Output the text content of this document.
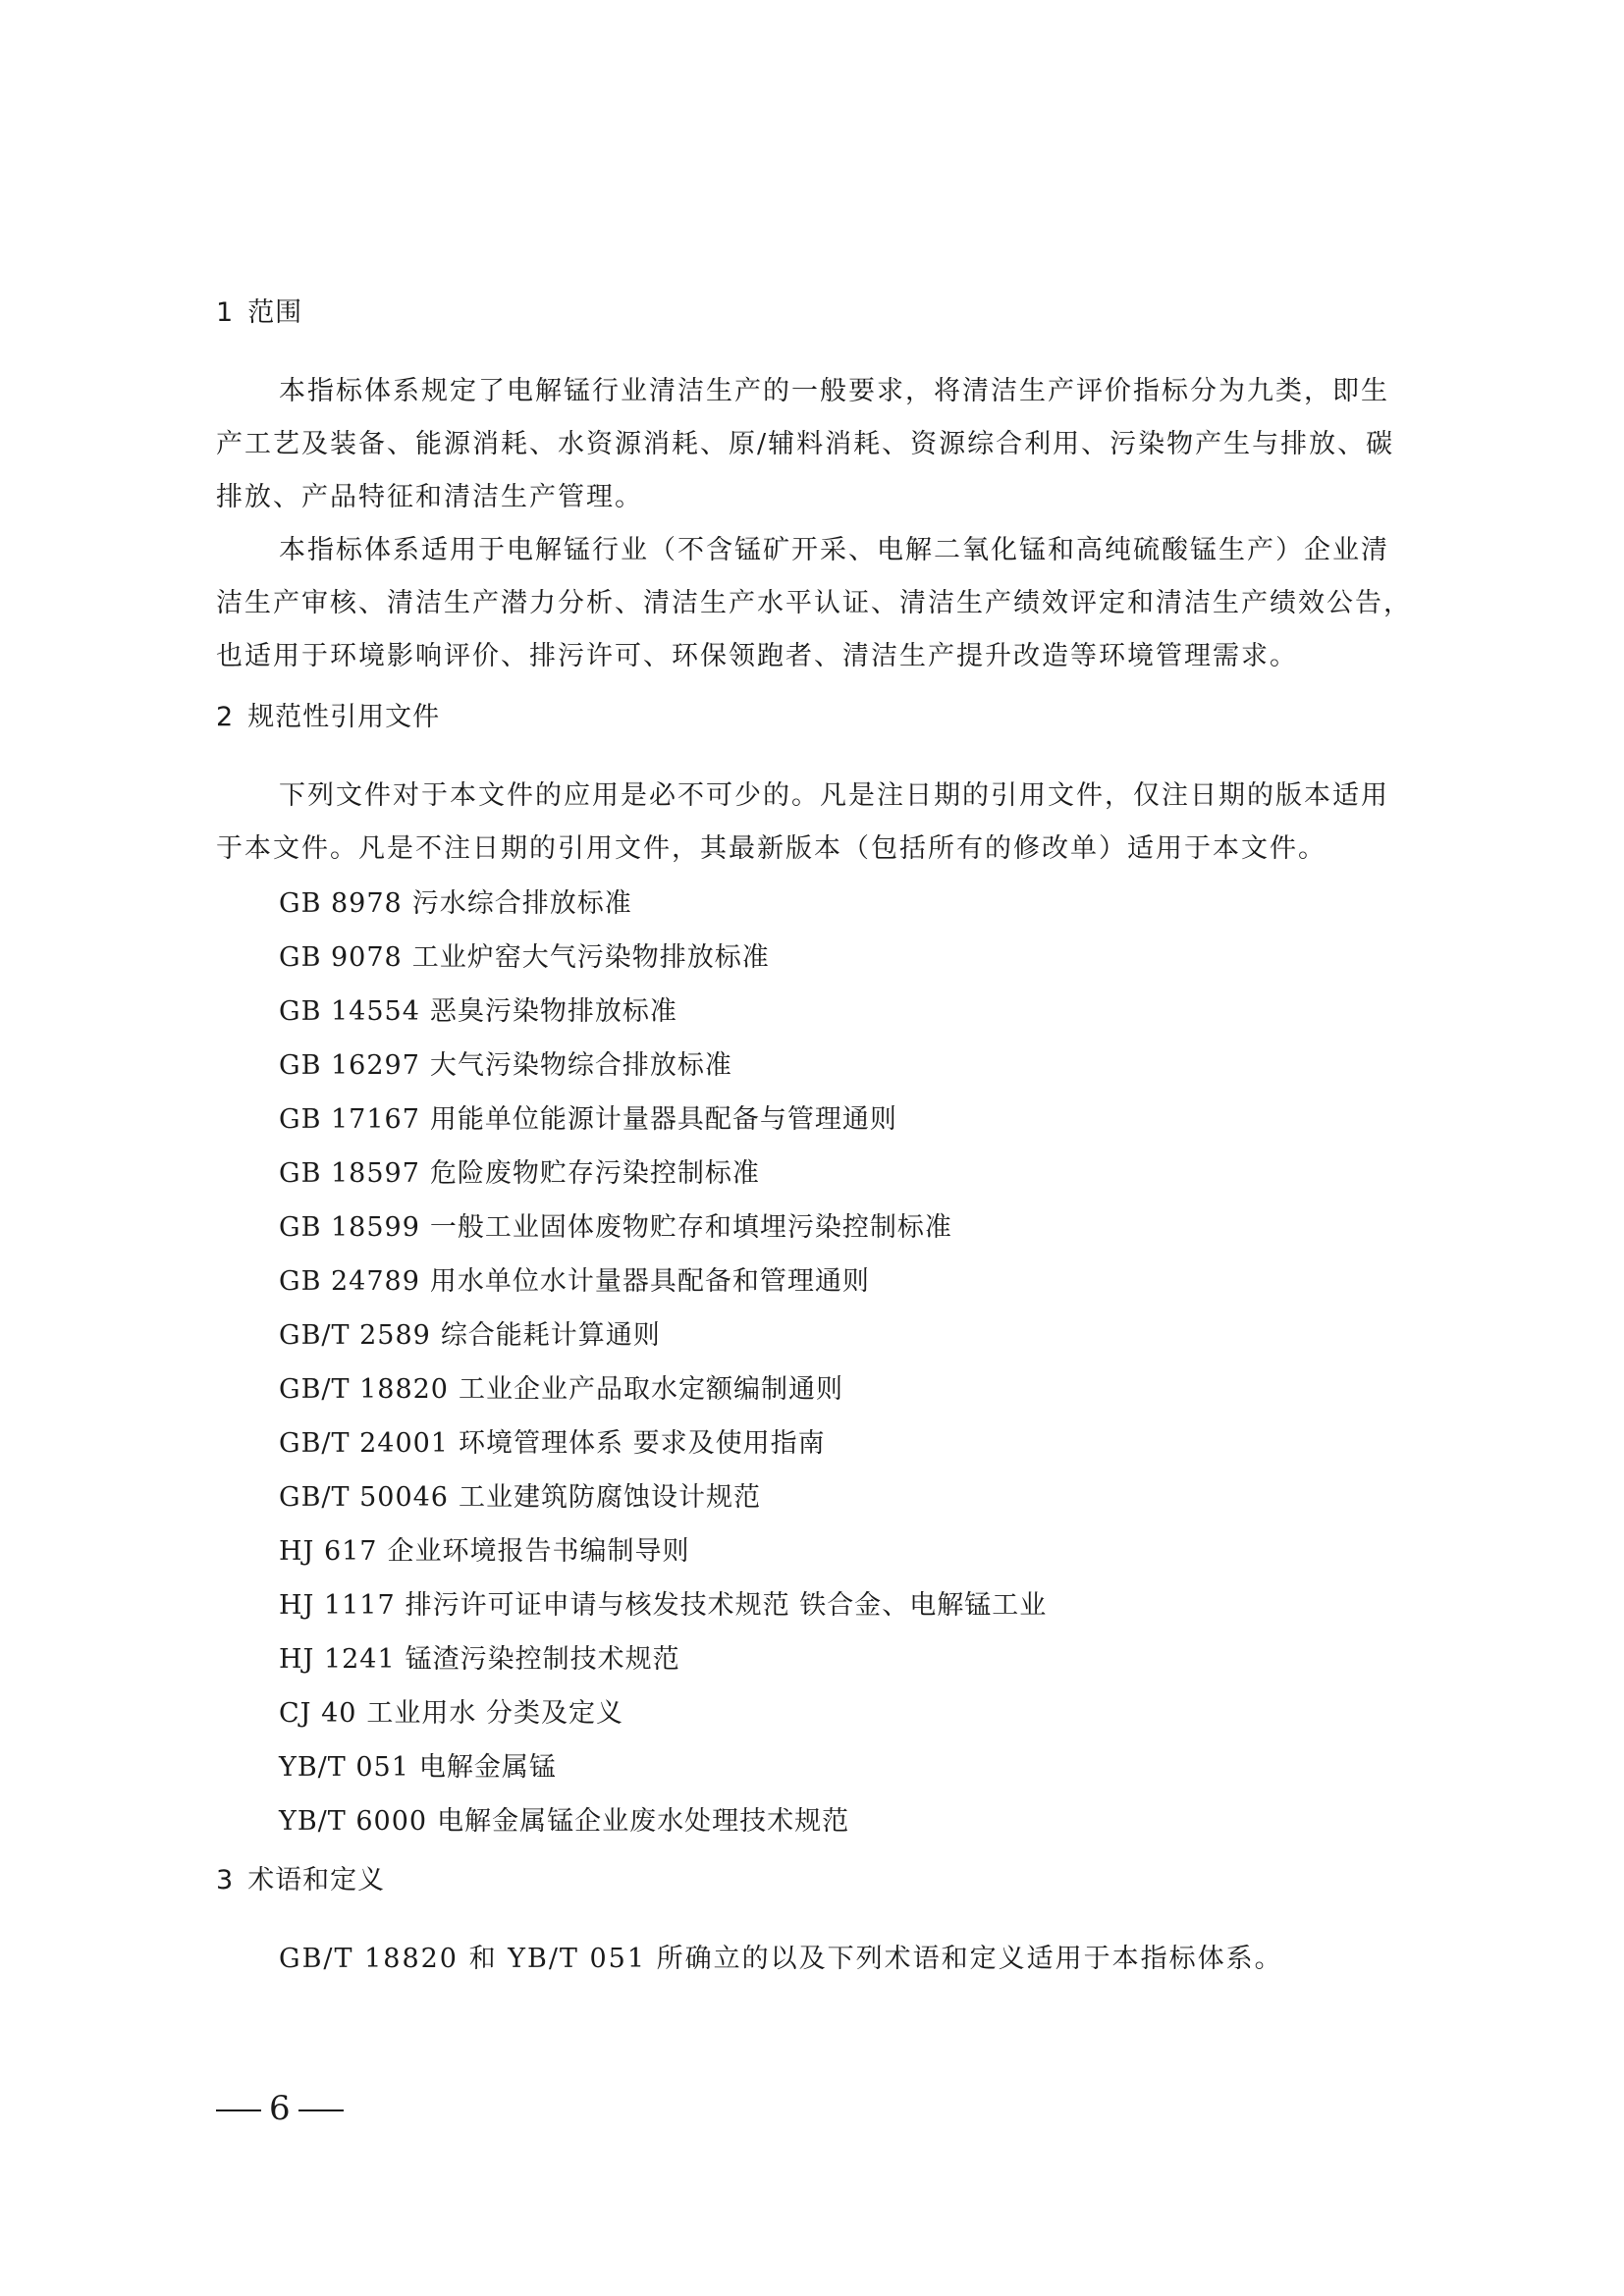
1 范围
本指标体系规定了电解锰行业清洁生产的一般要求，将清洁生产评价指标分为九类，即生
产工艺及装备、能源消耗、水资源消耗、原/辅料消耗、资源综合利用、污染物产生与排放、碳
排放、产品特征和清洁生产管理。
本指标体系适用于电解锰行业（不含锰矿开采、电解二氧化锰和高纯硫酸锰生产）企业清
洁生产审核、清洁生产潜力分析、清洁生产水平认证、清洁生产绩效评定和清洁生产绩效公告，
也适用于环境影响评价、排污许可、环保领跑者、清洁生产提升改造等环境管理需求。
2 规范性引用文件
下列文件对于本文件的应用是必不可少的。凡是注日期的引用文件，仅注日期的版本适用
于本文件。凡是不注日期的引用文件，其最新版本（包括所有的修改单）适用于本文件。
GB 8978 污水综合排放标准
GB 9078 工业炉窑大气污染物排放标准
GB 14554 恶臭污染物排放标准
GB 16297 大气污染物综合排放标准
GB 17167 用能单位能源计量器具配备与管理通则
GB 18597 危险废物贮存污染控制标准
GB 18599 一般工业固体废物贮存和填埋污染控制标准
GB 24789 用水单位水计量器具配备和管理通则
GB/T 2589 综合能耗计算通则
GB/T 18820 工业企业产品取水定额编制通则
GB/T 24001 环境管理体系 要求及使用指南
GB/T 50046 工业建筑防腐蚀设计规范
HJ 617 企业环境报告书编制导则
HJ 1117 排污许可证申请与核发技术规范 铁合金、电解锰工业
HJ 1241 锰渣污染控制技术规范
CJ 40 工业用水 分类及定义
YB/T 051 电解金属锰
YB/T 6000 电解金属锰企业废水处理技术规范
3 术语和定义
GB/T 18820 和 YB/T 051 所确立的以及下列术语和定义适用于本指标体系。
6
